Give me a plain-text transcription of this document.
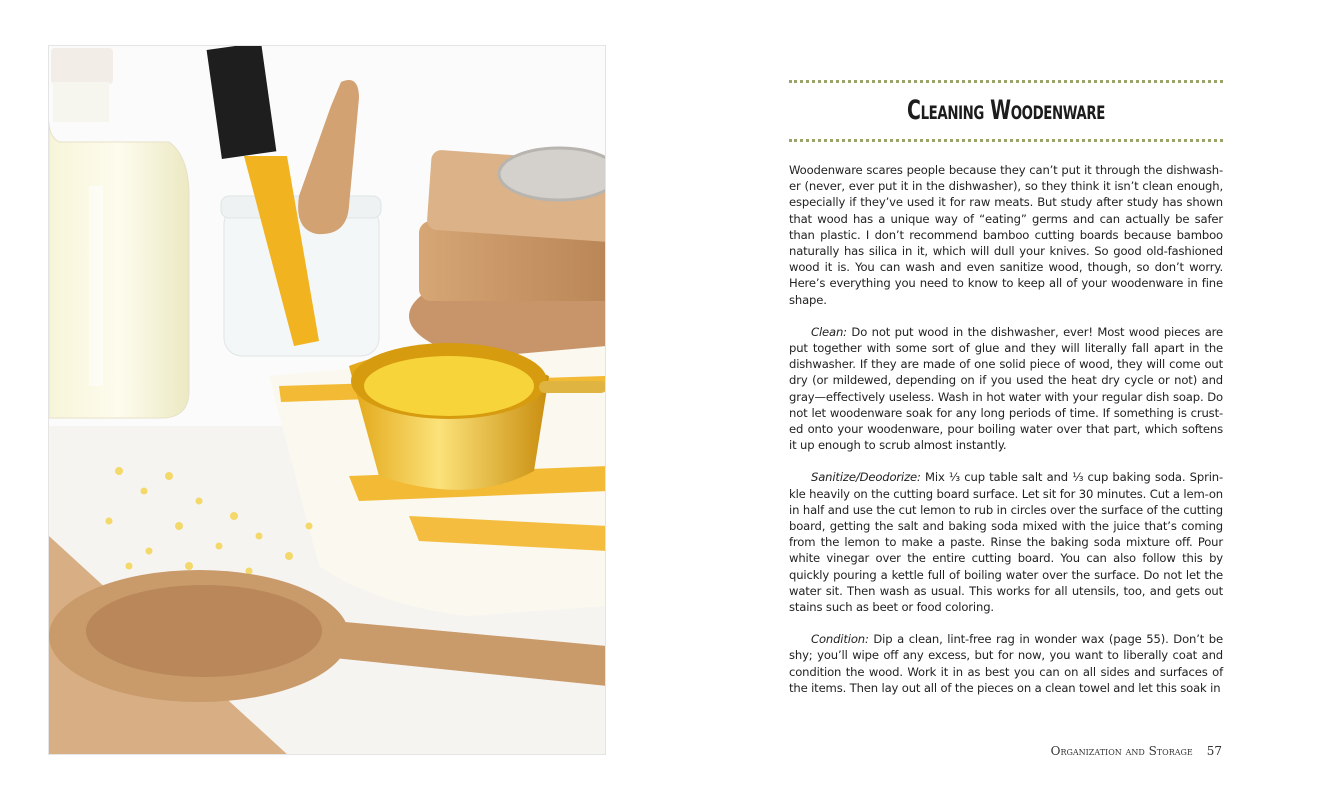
Cleaning Woodenware

Woodenware scares people because they can’t put it through the dishwash-er (never, ever put it in the dishwasher), so they think it isn’t clean enough, especially if they’ve used it for raw meats. But study after study has shown that wood has a unique way of “eating” germs and can actually be safer than plastic. I don’t recommend bamboo cutting boards because bamboo naturally has silica in it, which will dull your knives. So good old-fashioned wood it is. You can wash and even sanitize wood, though, so don’t worry. Here’s everything you need to know to keep all of your woodenware in fine shape.

Clean: Do not put wood in the dishwasher, ever! Most wood pieces are put together with some sort of glue and they will literally fall apart in the dishwasher. If they are made of one solid piece of wood, they will come out dry (or mildewed, depending on if you used the heat dry cycle or not) and gray—effectively useless. Wash in hot water with your regular dish soap. Do not let woodenware soak for any long periods of time. If something is crust-ed onto your woodenware, pour boiling water over that part, which softens it up enough to scrub almost instantly.

Sanitize/Deodorize: Mix ⅓ cup table salt and ⅓ cup baking soda. Sprin-kle heavily on the cutting board surface. Let sit for 30 minutes. Cut a lem-on in half and use the cut lemon to rub in circles over the surface of the cutting board, getting the salt and baking soda mixed with the juice that’s coming from the lemon to make a paste. Rinse the baking soda mixture off. Pour white vinegar over the entire cutting board. You can also follow this by quickly pouring a kettle full of boiling water over the surface. Do not let the water sit. Then wash as usual. This works for all utensils, too, and gets out stains such as beet or food coloring.

Condition: Dip a clean, lint-free rag in wonder wax (page 55). Don’t be shy; you’ll wipe off any excess, but for now, you want to liberally coat and condition the wood. Work it in as best you can on all sides and surfaces of the items. Then lay out all of the pieces on a clean towel and let this soak in

Organization and Storage 57
